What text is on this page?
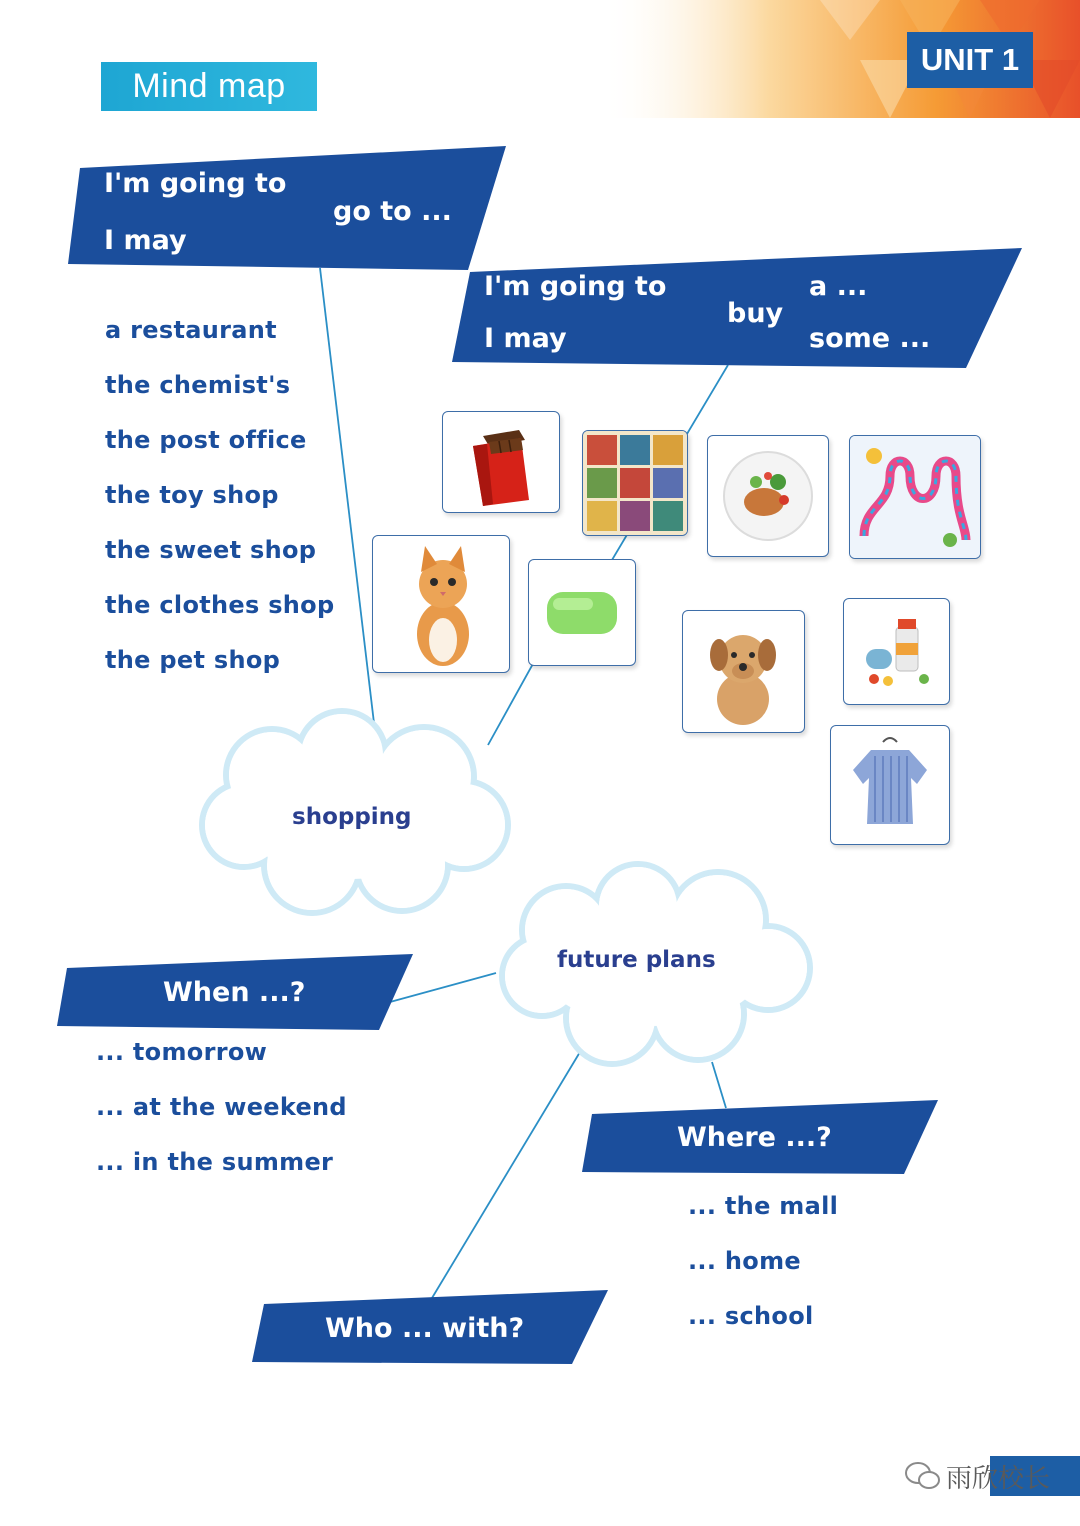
Mind map
UNIT 1
I'm going to
I may
go to ...
a restaurant
the chemist's
the post office
the toy shop
the sweet shop
the clothes shop
the pet shop
I'm going to
I may
buy
a ...
some ...
shopping
future plans
When ...?
... tomorrow
... at the weekend
... in the summer
Where ...?
... the mall
... home
... school
Who ... with?
雨欣校长
